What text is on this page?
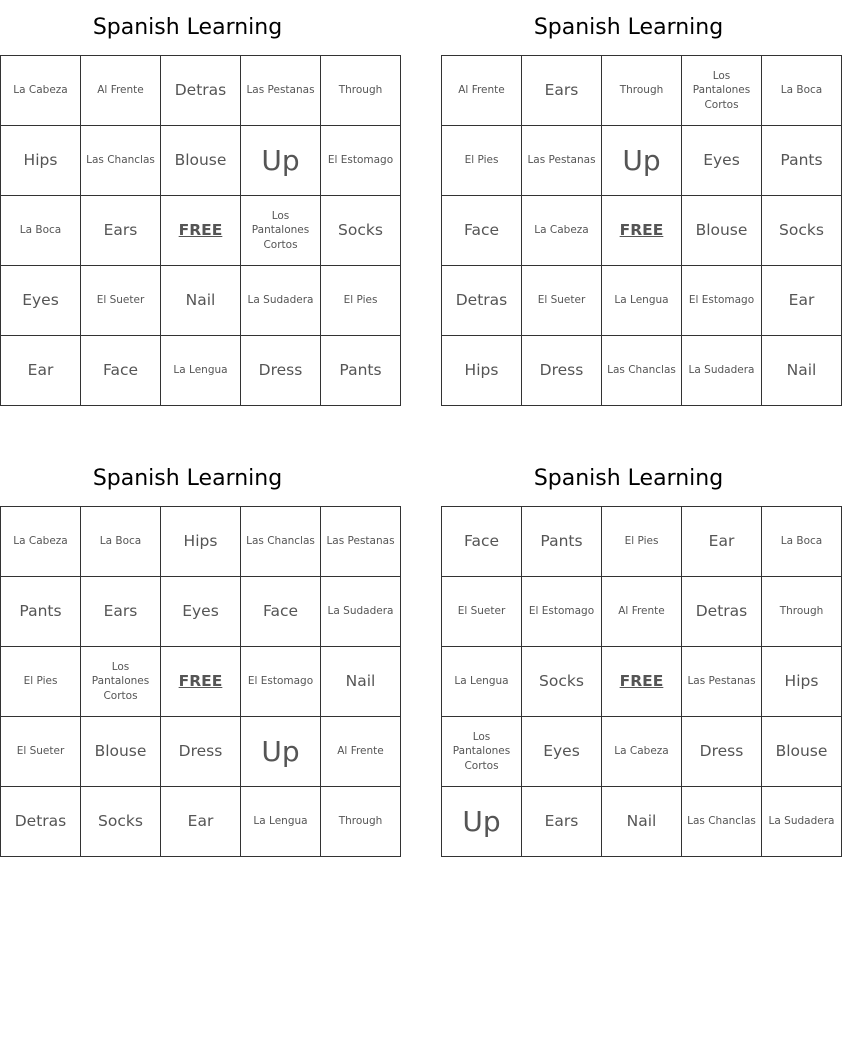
Spanish Learning
La Cabeza	Al Frente	Detras	Las Pestanas	Through
Hips	Las Chanclas	Blouse	Up	El Estomago
La Boca	Ears	FREE	Los Pantalones Cortos	Socks
Eyes	El Sueter	Nail	La Sudadera	El Pies
Ear	Face	La Lengua	Dress	Pants
Spanish Learning
Al Frente	Ears	Through	Los Pantalones Cortos	La Boca
El Pies	Las Pestanas	Up	Eyes	Pants
Face	La Cabeza	FREE	Blouse	Socks
Detras	El Sueter	La Lengua	El Estomago	Ear
Hips	Dress	Las Chanclas	La Sudadera	Nail
Spanish Learning
La Cabeza	La Boca	Hips	Las Chanclas	Las Pestanas
Pants	Ears	Eyes	Face	La Sudadera
El Pies	Los Pantalones Cortos	FREE	El Estomago	Nail
El Sueter	Blouse	Dress	Up	Al Frente
Detras	Socks	Ear	La Lengua	Through
Spanish Learning
Face	Pants	El Pies	Ear	La Boca
El Sueter	El Estomago	Al Frente	Detras	Through
La Lengua	Socks	FREE	Las Pestanas	Hips
Los Pantalones Cortos	Eyes	La Cabeza	Dress	Blouse
Up	Ears	Nail	Las Chanclas	La Sudadera
